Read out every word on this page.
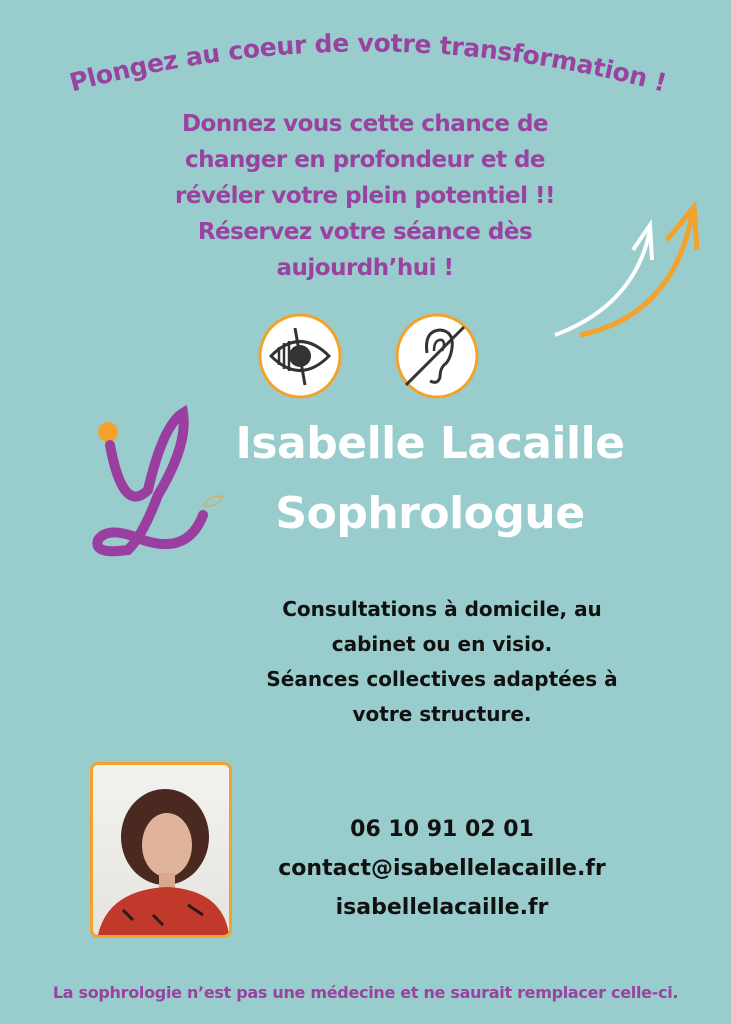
Plongez au coeur de votre transformation !
Donnez vous cette chance de
changer en profondeur et de
révéler votre plein potentiel !!
Réservez votre séance dès
aujourdh’hui !
Isabelle Lacaille
Sophrologue
Consultations à domicile, au
cabinet ou en visio.
Séances collectives adaptées à
votre structure.
06 10 91 02 01
contact@isabellelacaille.fr
isabellelacaille.fr
La sophrologie n’est pas une médecine et ne saurait remplacer celle-ci.
